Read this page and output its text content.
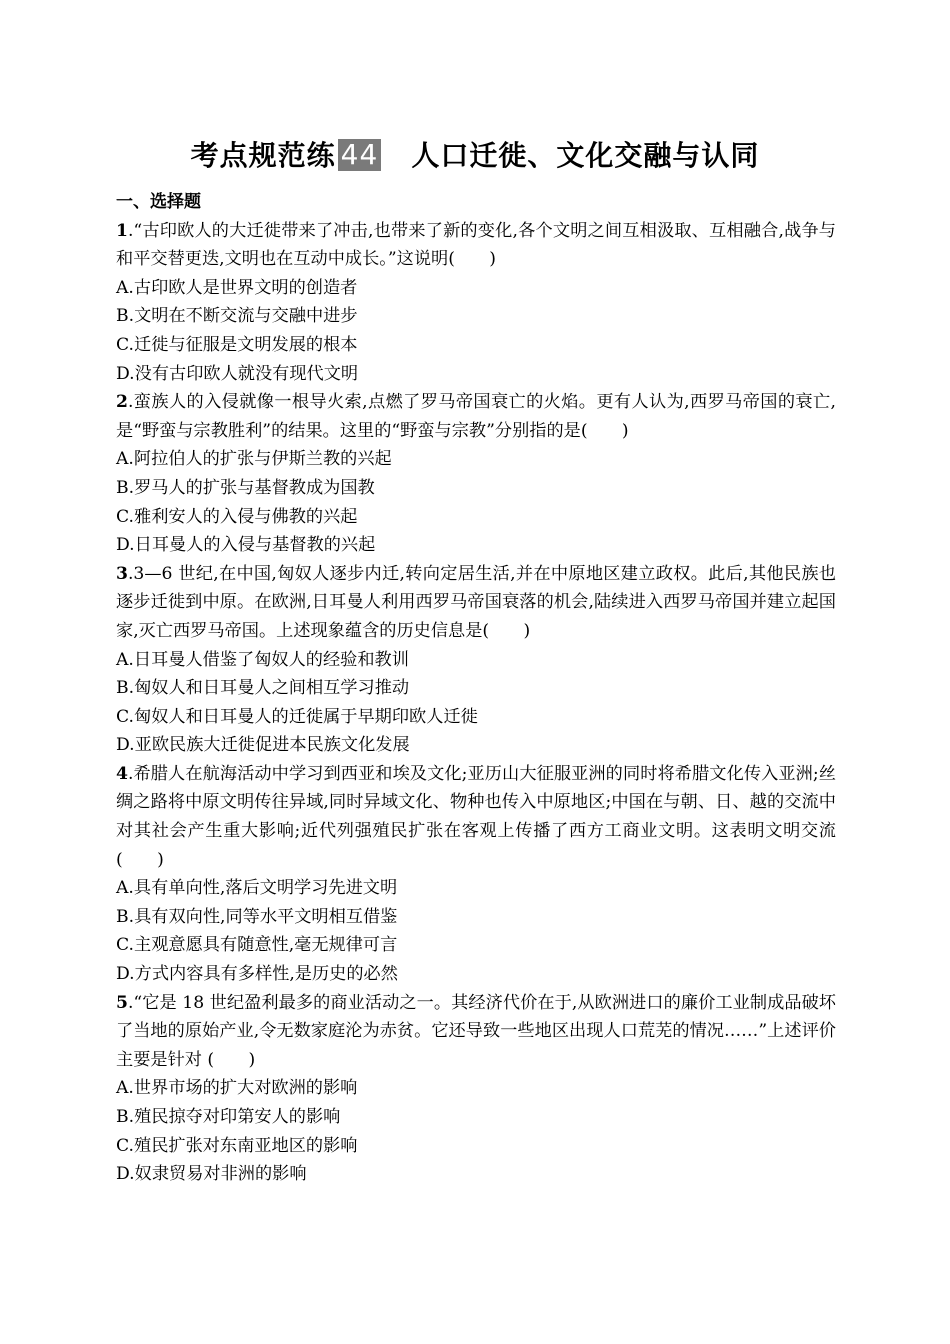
考点规范练 44 人口迁徙、文化交融与认同
一、选择题

1.“古印欧人的大迁徙带来了冲击,也带来了新的变化,各个文明之间互相汲取、互相融合,战争与和平交替更迭,文明也在互动中成长。”这说明(　　)

A.古印欧人是世界文明的创造者

B.文明在不断交流与交融中进步

C.迁徙与征服是文明发展的根本

D.没有古印欧人就没有现代文明

2.蛮族人的入侵就像一根导火索,点燃了罗马帝国衰亡的火焰。更有人认为,西罗马帝国的衰亡,是“野蛮与宗教胜利”的结果。这里的“野蛮与宗教”分别指的是(　　)

A.阿拉伯人的扩张与伊斯兰教的兴起

B.罗马人的扩张与基督教成为国教

C.雅利安人的入侵与佛教的兴起

D.日耳曼人的入侵与基督教的兴起

3.3—6 世纪,在中国,匈奴人逐步内迁,转向定居生活,并在中原地区建立政权。此后,其他民族也逐步迁徙到中原。在欧洲,日耳曼人利用西罗马帝国衰落的机会,陆续进入西罗马帝国并建立起国家,灭亡西罗马帝国。上述现象蕴含的历史信息是(　　)

A.日耳曼人借鉴了匈奴人的经验和教训

B.匈奴人和日耳曼人之间相互学习推动

C.匈奴人和日耳曼人的迁徙属于早期印欧人迁徙

D.亚欧民族大迁徙促进本民族文化发展

4.希腊人在航海活动中学习到西亚和埃及文化;亚历山大征服亚洲的同时将希腊文化传入亚洲;丝绸之路将中原文明传往异域,同时异域文化、物种也传入中原地区;中国在与朝、日、越的交流中对其社会产生重大影响;近代列强殖民扩张在客观上传播了西方工商业文明。这表明文明交流(　　)

A.具有单向性,落后文明学习先进文明

B.具有双向性,同等水平文明相互借鉴

C.主观意愿具有随意性,毫无规律可言

D.方式内容具有多样性,是历史的必然

5.“它是 18 世纪盈利最多的商业活动之一。其经济代价在于,从欧洲进口的廉价工业制成品破坏了当地的原始产业,令无数家庭沦为赤贫。它还导致一些地区出现人口荒芜的情况……”上述评价主要是针对 (　　)

A.世界市场的扩大对欧洲的影响

B.殖民掠夺对印第安人的影响

C.殖民扩张对东南亚地区的影响

D.奴隶贸易对非洲的影响
